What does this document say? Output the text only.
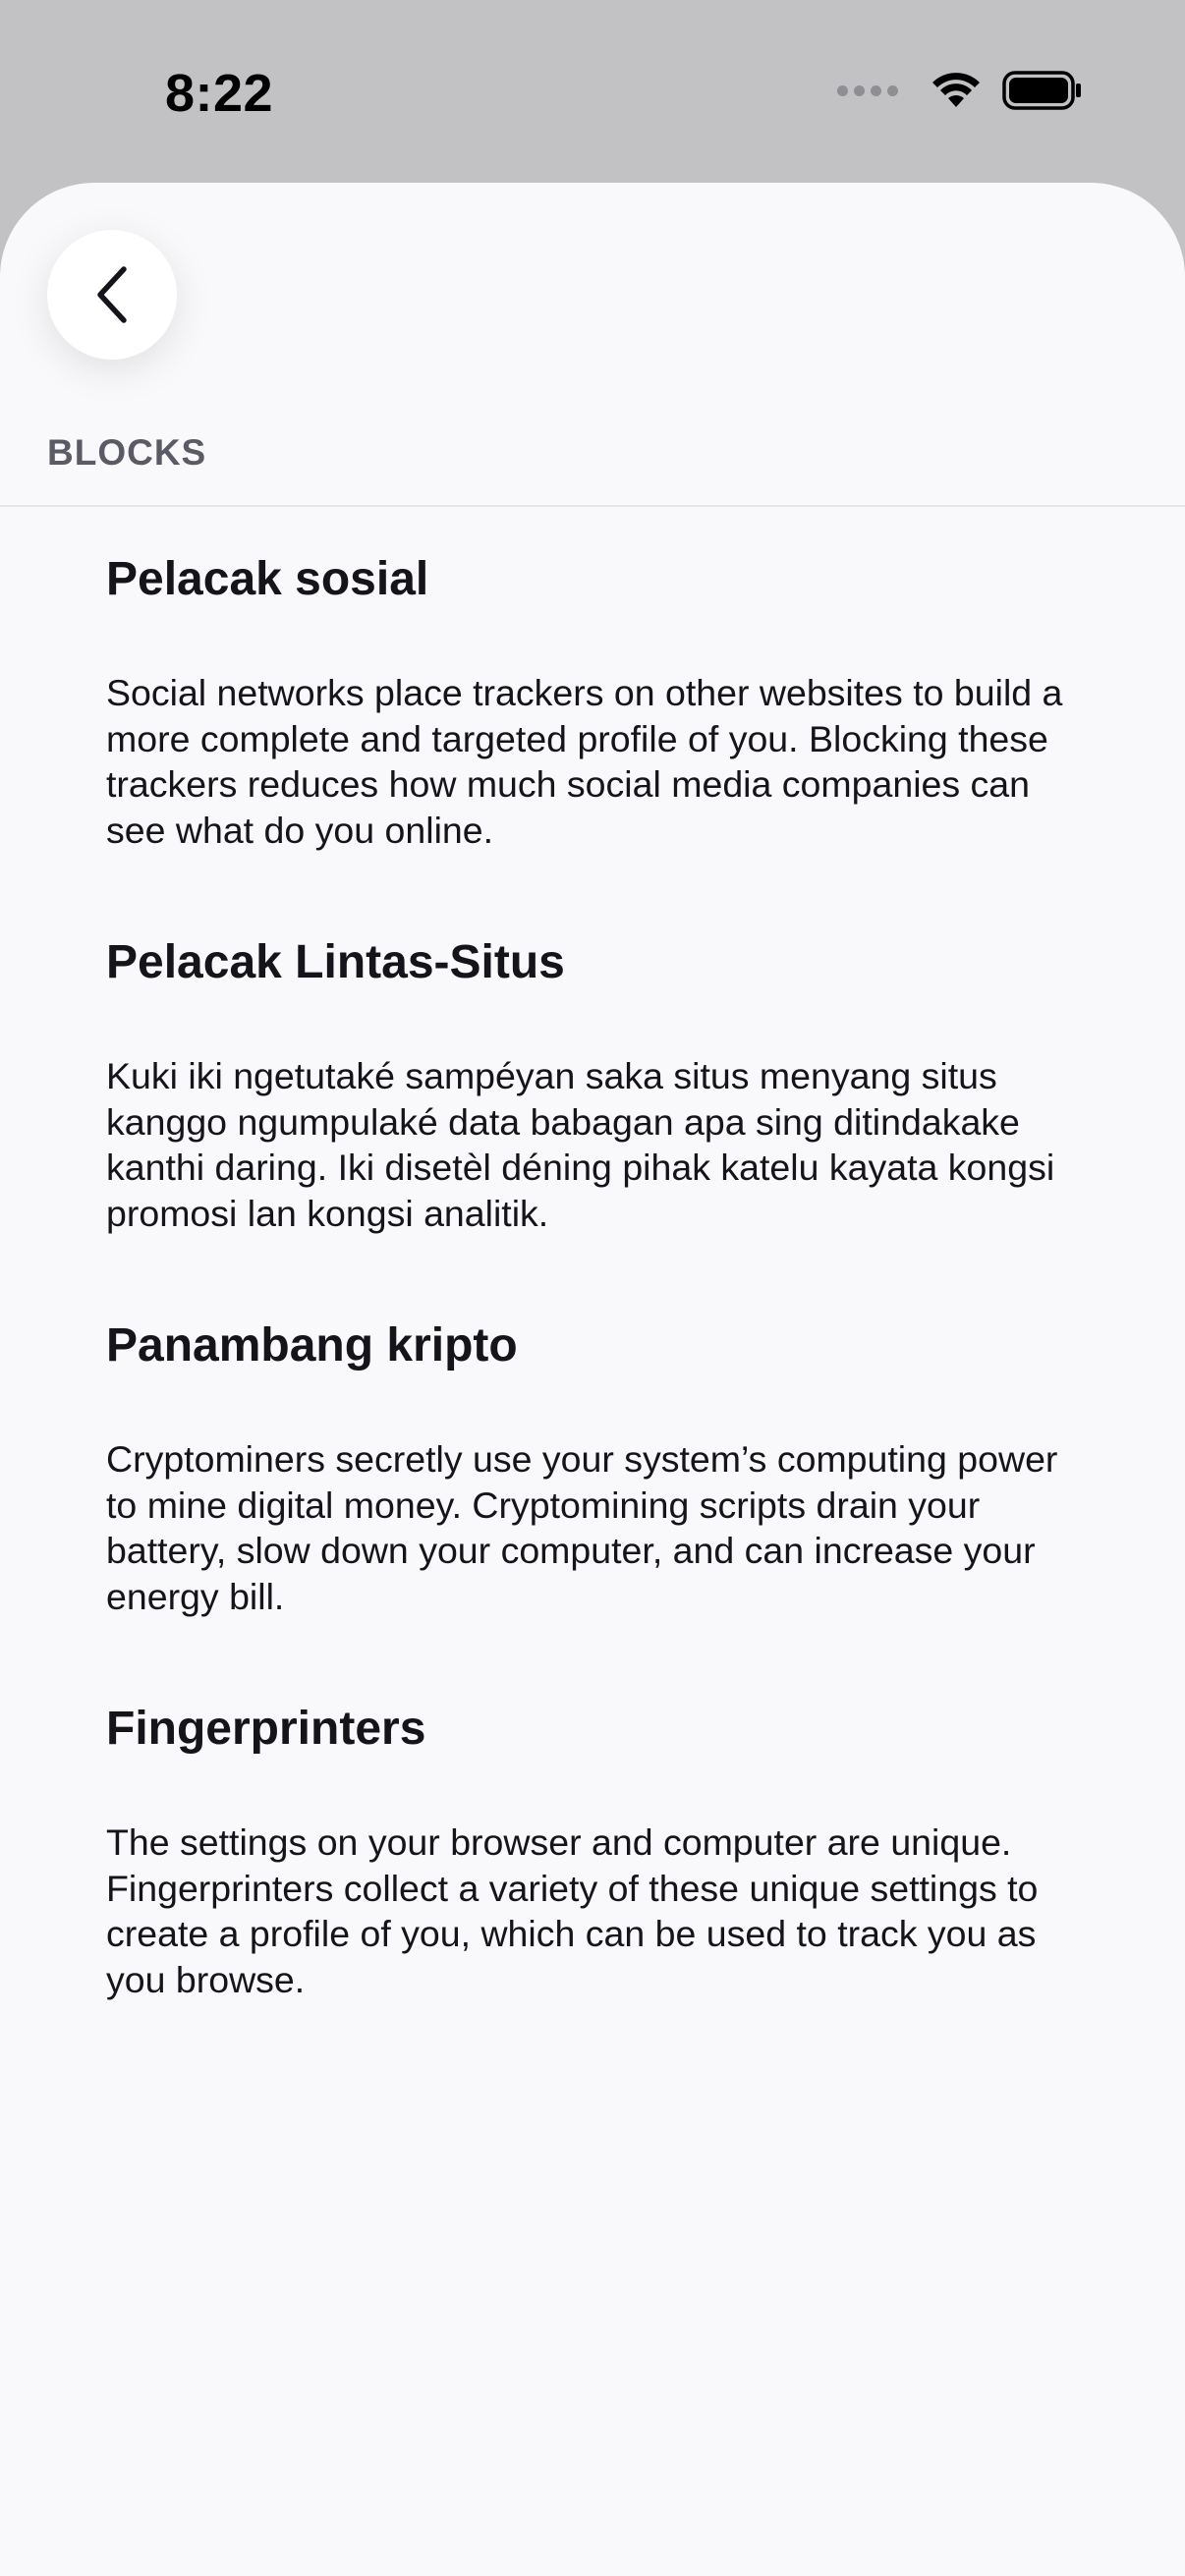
8:22
BLOCKS
Pelacak sosial

Social networks place trackers on other websites to build a more complete and targeted profile of you. Blocking these trackers reduces how much social media companies can see what do you online.

Pelacak Lintas-Situs

Kuki iki ngetutaké sampéyan saka situs menyang situs kanggo ngumpulaké data babagan apa sing ditindakake kanthi daring. Iki disetèl déning pihak katelu kayata kongsi promosi lan kongsi analitik.

Panambang kripto

Cryptominers secretly use your system’s computing power to mine digital money. Cryptomining scripts drain your battery, slow down your computer, and can increase your energy bill.

Fingerprinters

The settings on your browser and computer are unique. Fingerprinters collect a variety of these unique settings to create a profile of you, which can be used to track you as you browse.
